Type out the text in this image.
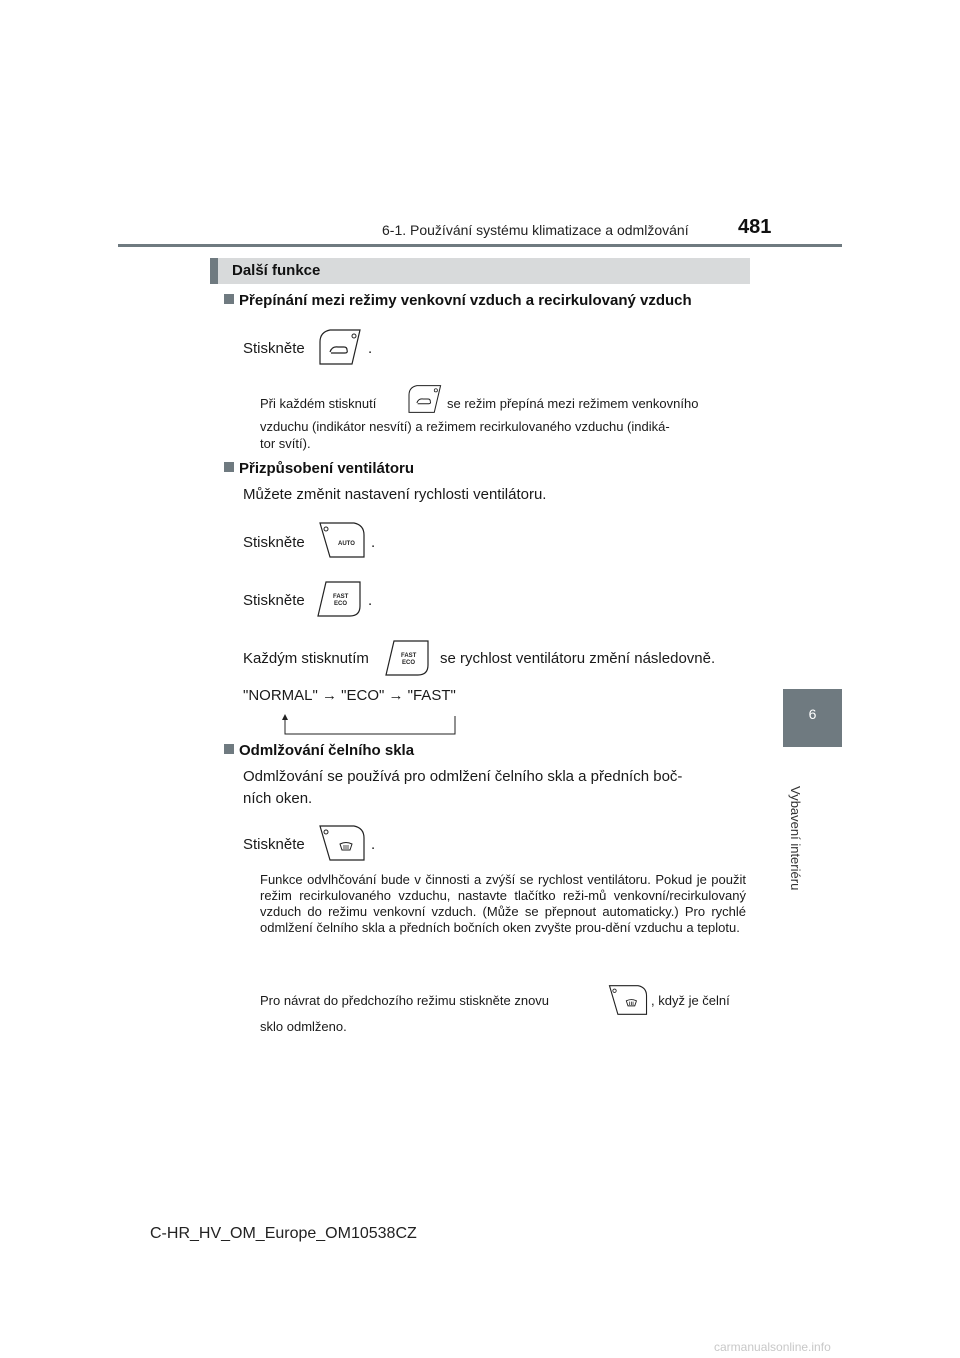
6-1. Používání systému klimatizace a odmlžování 481
6
Vybavení interiéru
Další funkce
Přepínání mezi režimy venkovní vzduch a recirkulovaný vzduch
Stiskněte	.
Při každém stisknutí	se režim přepíná mezi režimem venkovního
vzduchu (indikátor nesvítí) a režimem recirkulovaného vzduchu (indiká-
tor svítí).
Přizpůsobení ventilátoru
Můžete změnit nastavení rychlosti ventilátoru.
Stiskněte	AUTO .
Stiskněte	FAST
ECO .
Každým stisknutím	FAST
ECO se rychlost ventilátoru změní následovně.
"NORMAL" → "ECO" → "FAST"
Odmlžování čelního skla
Odmlžování se používá pro odmlžení čelního skla a předních boč-
ních oken.
Stiskněte	.
Funkce odvlhčování bude v činnosti a zvýší se rychlost ventilátoru. Pokud je použit režim recirkulovaného vzduchu, nastavte tlačítko reži-mů venkovní/recirkulovaný vzduch do režimu venkovní vzduch. (Může se přepnout automaticky.) Pro rychlé odmlžení čelního skla a předních bočních oken zvyšte prou-dění vzduchu a teplotu.
Pro návrat do předchozího režimu stiskněte znovu	, když je čelní
sklo odmlženo.
C-HR_HV_OM_Europe_OM10538CZ
carmanualsonline.info
